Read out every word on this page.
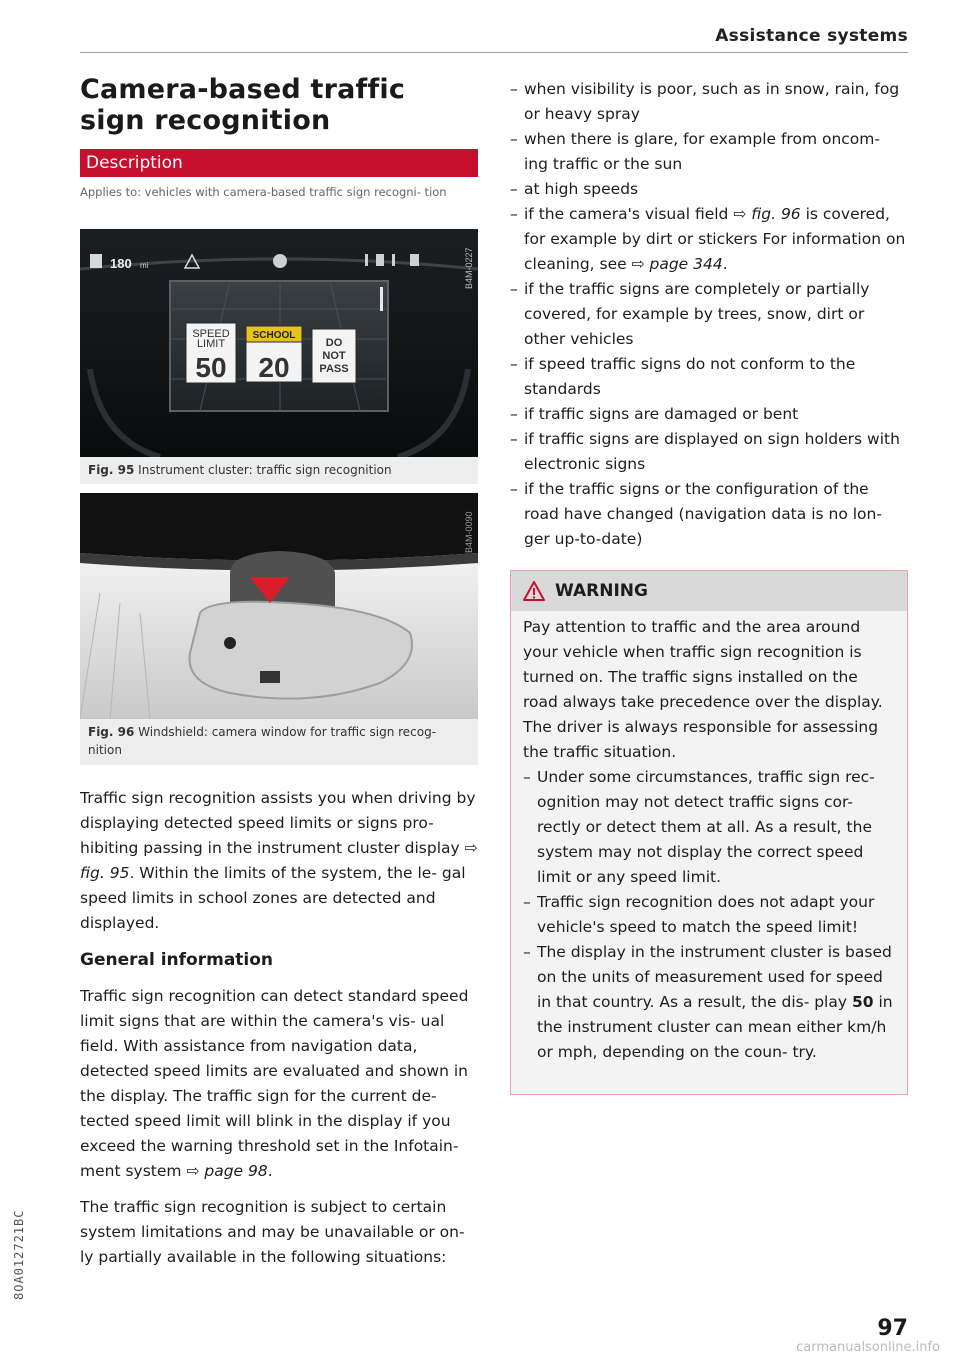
Assistance systems
Camera-based traffic
sign recognition
Description
Applies to: vehicles with camera-based traffic sign recogni- tion
180 mi
SPEED
LIMIT
50
SCHOOL
20
DO
NOT
PASS
B4M-0227
Fig. 95 Instrument cluster: traffic sign recognition
B4M-0090
Fig. 96 Windshield: camera window for traffic sign recog- nition
Traffic sign recognition assists you when driving by displaying detected speed limits or signs pro- hibiting passing in the instrument cluster display ⇨ fig. 95. Within the limits of the system, the le- gal speed limits in school zones are detected and displayed.
General information
Traffic sign recognition can detect standard speed limit signs that are within the camera's vis- ual field. With assistance from navigation data, detected speed limits are evaluated and shown in the display. The traffic sign for the current de- tected speed limit will blink in the display if you exceed the warning threshold set in the Infotain- ment system ⇨ page 98.
The traffic sign recognition is subject to certain system limitations and may be unavailable or on- ly partially available in the following situations:
8OA012721BC
– when visibility is poor, such as in snow, rain, fog or heavy spray
– when there is glare, for example from oncom- ing traffic or the sun
– at high speeds
– if the camera's visual field ⇨ fig. 96 is covered, for example by dirt or stickers For information on cleaning, see ⇨ page 344.
– if the traffic signs are completely or partially covered, for example by trees, snow, dirt or other vehicles
– if speed traffic signs do not conform to the standards
– if traffic signs are damaged or bent
– if traffic signs are displayed on sign holders with electronic signs
– if the traffic signs or the configuration of the road have changed (navigation data is no lon- ger up-to-date)
WARNING
Pay attention to traffic and the area around your vehicle when traffic sign recognition is turned on. The traffic signs installed on the road always take precedence over the display. The driver is always responsible for assessing the traffic situation.
– Under some circumstances, traffic sign rec- ognition may not detect traffic signs cor- rectly or detect them at all. As a result, the system may not display the correct speed limit or any speed limit.
– Traffic sign recognition does not adapt your vehicle's speed to match the speed limit!
– The display in the instrument cluster is based on the units of measurement used for speed in that country. As a result, the dis- play 50 in the instrument cluster can mean either km/h or mph, depending on the coun- try.
97
carmanualsonline.info
